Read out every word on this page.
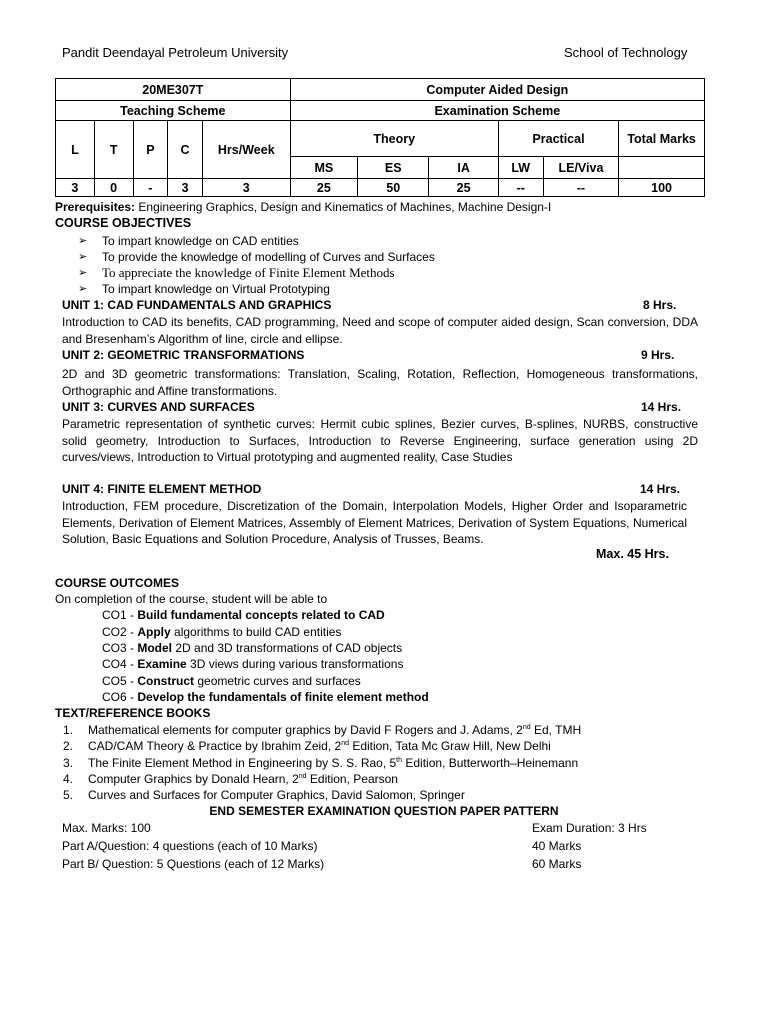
Pandit Deendayal Petroleum University	School of Technology
20ME307T					Computer Aided Design					
Teaching Scheme					Examination Scheme					
L	T	P	C	Hrs/Week	Theory			Practical		Total Marks
					MS	ES	IA	LW	LE/Viva	
3	0	-	3	3	25	50	25	--	--	100
Prerequisites: Engineering Graphics, Design and Kinematics of Machines, Machine Design-I
COURSE OBJECTIVES
➢ To impart knowledge on CAD entities
➢ To provide the knowledge of modelling of Curves and Surfaces
➢ To appreciate the knowledge of Finite Element Methods
➢ To impart knowledge on Virtual Prototyping
UNIT 1: CAD FUNDAMENTALS AND GRAPHICS	8 Hrs.
Introduction to CAD its benefits, CAD programming, Need and scope of computer aided design, Scan conversion, DDA and Bresenham’s Algorithm of line, circle and ellipse.
UNIT 2: GEOMETRIC TRANSFORMATIONS	9 Hrs.
2D and 3D geometric transformations: Translation, Scaling, Rotation, Reflection, Homogeneous transformations, Orthographic and Affine transformations.
UNIT 3: CURVES AND SURFACES	14 Hrs.
Parametric representation of synthetic curves: Hermit cubic splines, Bezier curves, B-splines, NURBS, constructive solid geometry, Introduction to Surfaces, Introduction to Reverse Engineering, surface generation using 2D curves/views, Introduction to Virtual prototyping and augmented reality, Case Studies
UNIT 4: FINITE ELEMENT METHOD	14 Hrs.
Introduction, FEM procedure, Discretization of the Domain, Interpolation Models, Higher Order and Isoparametric Elements, Derivation of Element Matrices, Assembly of Element Matrices, Derivation of System Equations, Numerical Solution, Basic Equations and Solution Procedure, Analysis of Trusses, Beams.
Max. 45 Hrs.
COURSE OUTCOMES
On completion of the course, student will be able to
CO1 - Build fundamental concepts related to CAD
CO2 - Apply algorithms to build CAD entities
CO3 - Model 2D and 3D transformations of CAD objects
CO4 - Examine 3D views during various transformations
CO5 - Construct geometric curves and surfaces
CO6 - Develop the fundamentals of finite element method
TEXT/REFERENCE BOOKS
1. Mathematical elements for computer graphics by David F Rogers and J. Adams, 2nd Ed, TMH
2. CAD/CAM Theory & Practice by Ibrahim Zeid, 2nd Edition, Tata Mc Graw Hill, New Delhi
3. The Finite Element Method in Engineering by S. S. Rao, 5th Edition, Butterworth–Heinemann
4. Computer Graphics by Donald Hearn, 2nd Edition, Pearson
5. Curves and Surfaces for Computer Graphics, David Salomon, Springer
END SEMESTER EXAMINATION QUESTION PAPER PATTERN
Max. Marks: 100	Exam Duration: 3 Hrs
Part A/Question: 4 questions (each of 10 Marks)	40 Marks
Part B/ Question: 5 Questions (each of 12 Marks)	60 Marks
